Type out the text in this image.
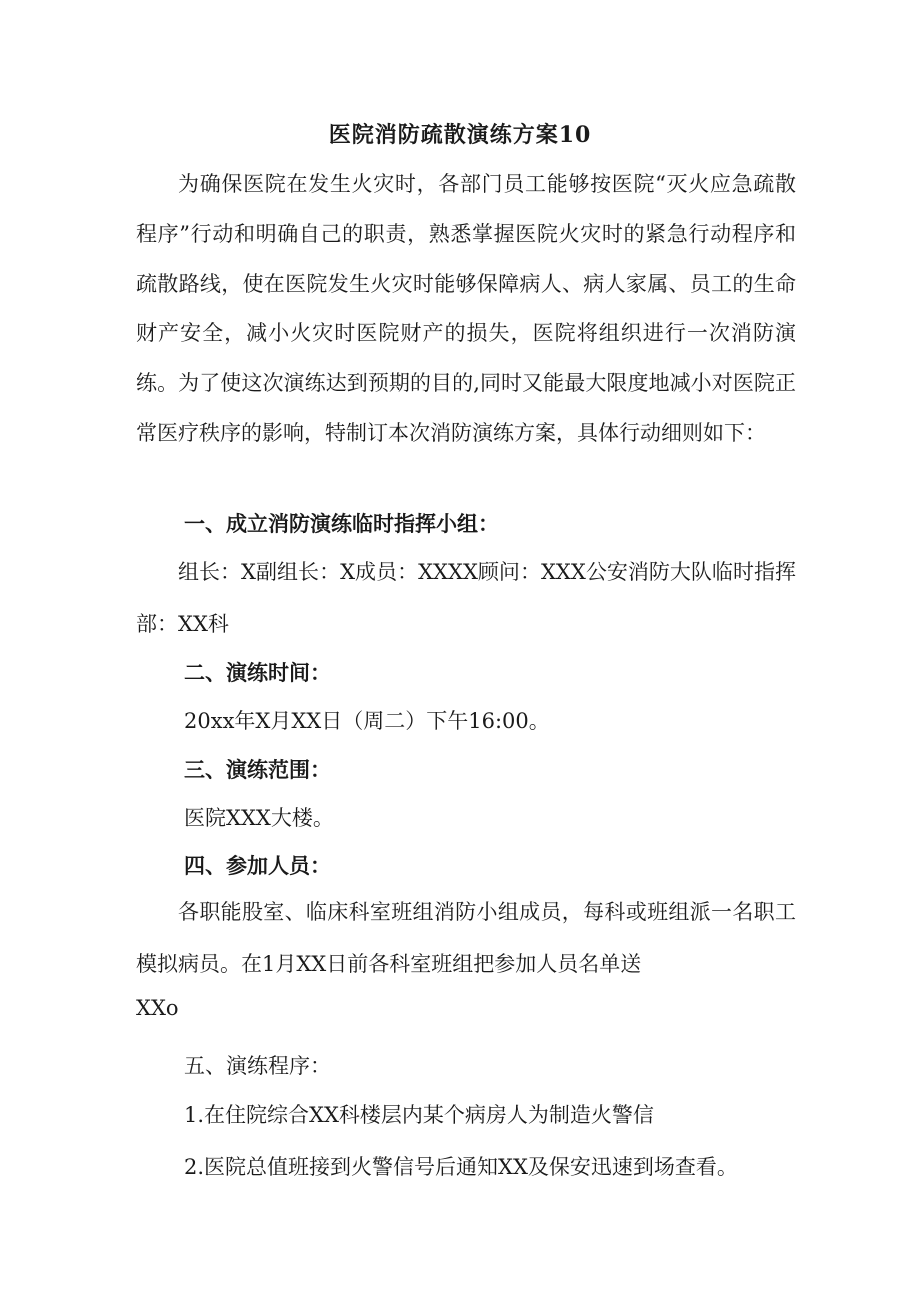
医院消防疏散演练方案10

为确保医院在发生火灾时，各部门员工能够按医院“灭火应急疏散程序”行动和明确自己的职责，熟悉掌握医院火灾时的紧急行动程序和疏散路线，使在医院发生火灾时能够保障病人、病人家属、员工的生命财产安全，减小火灾时医院财产的损失，医院将组织进行一次消防演练。为了使这次演练达到预期的目的,同时又能最大限度地减小对医院正常医疗秩序的影响，特制订本次消防演练方案，具体行动细则如下：

一、成立消防演练临时指挥小组：

组长：X副组长：X成员：XXXX顾问：XXX公安消防大队临时指挥部：XX科

二、演练时间：

20xx年X月XX日（周二）下午16:00。

三、演练范围：

医院XXX大楼。

四、参加人员：

各职能股室、临床科室班组消防小组成员，每科或班组派一名职工模拟病员。在1月XX日前各科室班组把参加人员名单送

XXo

五、演练程序：

1.在住院综合XX科楼层内某个病房人为制造火警信

2.医院总值班接到火警信号后通知XX及保安迅速到场查看。
